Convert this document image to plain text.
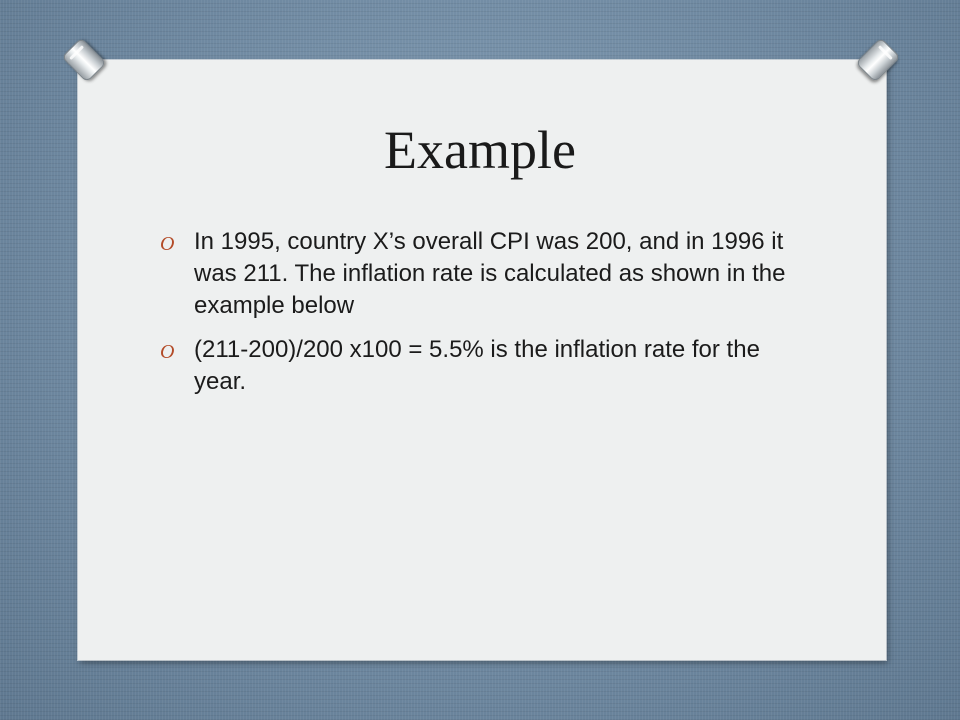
Example
O In 1995, country X’s overall CPI was 200, and in 1996 it was 211. The inflation rate is calculated as shown in the example below
O (211-200)/200 x100 = 5.5% is the inflation rate for the year.
